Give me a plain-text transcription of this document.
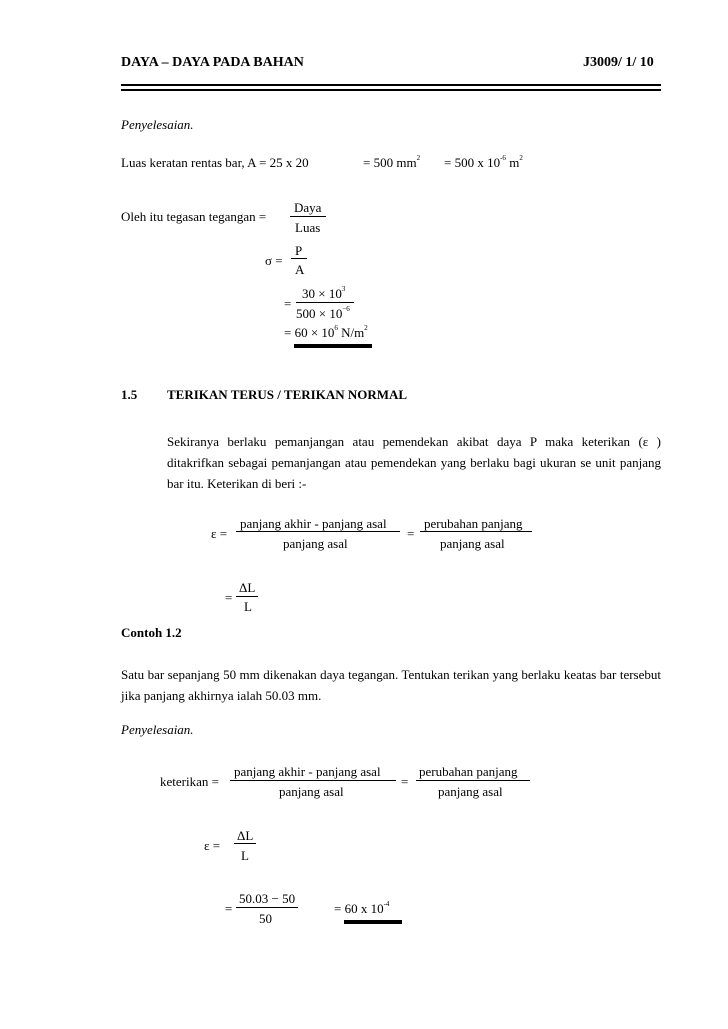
DAYA – DAYA PADA BAHAN	J3009/ 1/ 10
Penyelesaian.
Luas keratan rentas bar, A = 25 x 20	= 500 $mm^2 = 500$ x $10^{-6}$ $m^2$
Oleh itu tegasan tegangan =
Daya
Luas
σ =
P
A
=
$30 \times 10^3$
$500 \times 10^{-6}$
= $60 \times 10^6$ $N/m^2$
1.5 TERIKAN TERUS / TERIKAN NORMAL
Sekiranya berlaku pemanjangan atau pemendekan akibat daya P maka keterikan (ε ) ditakrifkan sebagai pemanjangan atau pemendekan yang berlaku bagi ukuran se unit panjang bar itu. Keterikan di beri :-
ε =
panjang akhir - panjang asal
panjang asal
=
perubahan panjang
panjang asal
=
ΔL
L
Contoh 1.2
Satu bar sepanjang 50 mm dikenakan daya tegangan. Tentukan terikan yang berlaku keatas bar tersebut jika panjang akhirnya ialah 50.03 mm.
Penyelesaian.
keterikan =
panjang akhir - panjang asal
panjang asal
=
perubahan panjang
panjang asal
ε =
ΔL
L
=
50.03 − 50
50
= 60 x $10^{-4}$
